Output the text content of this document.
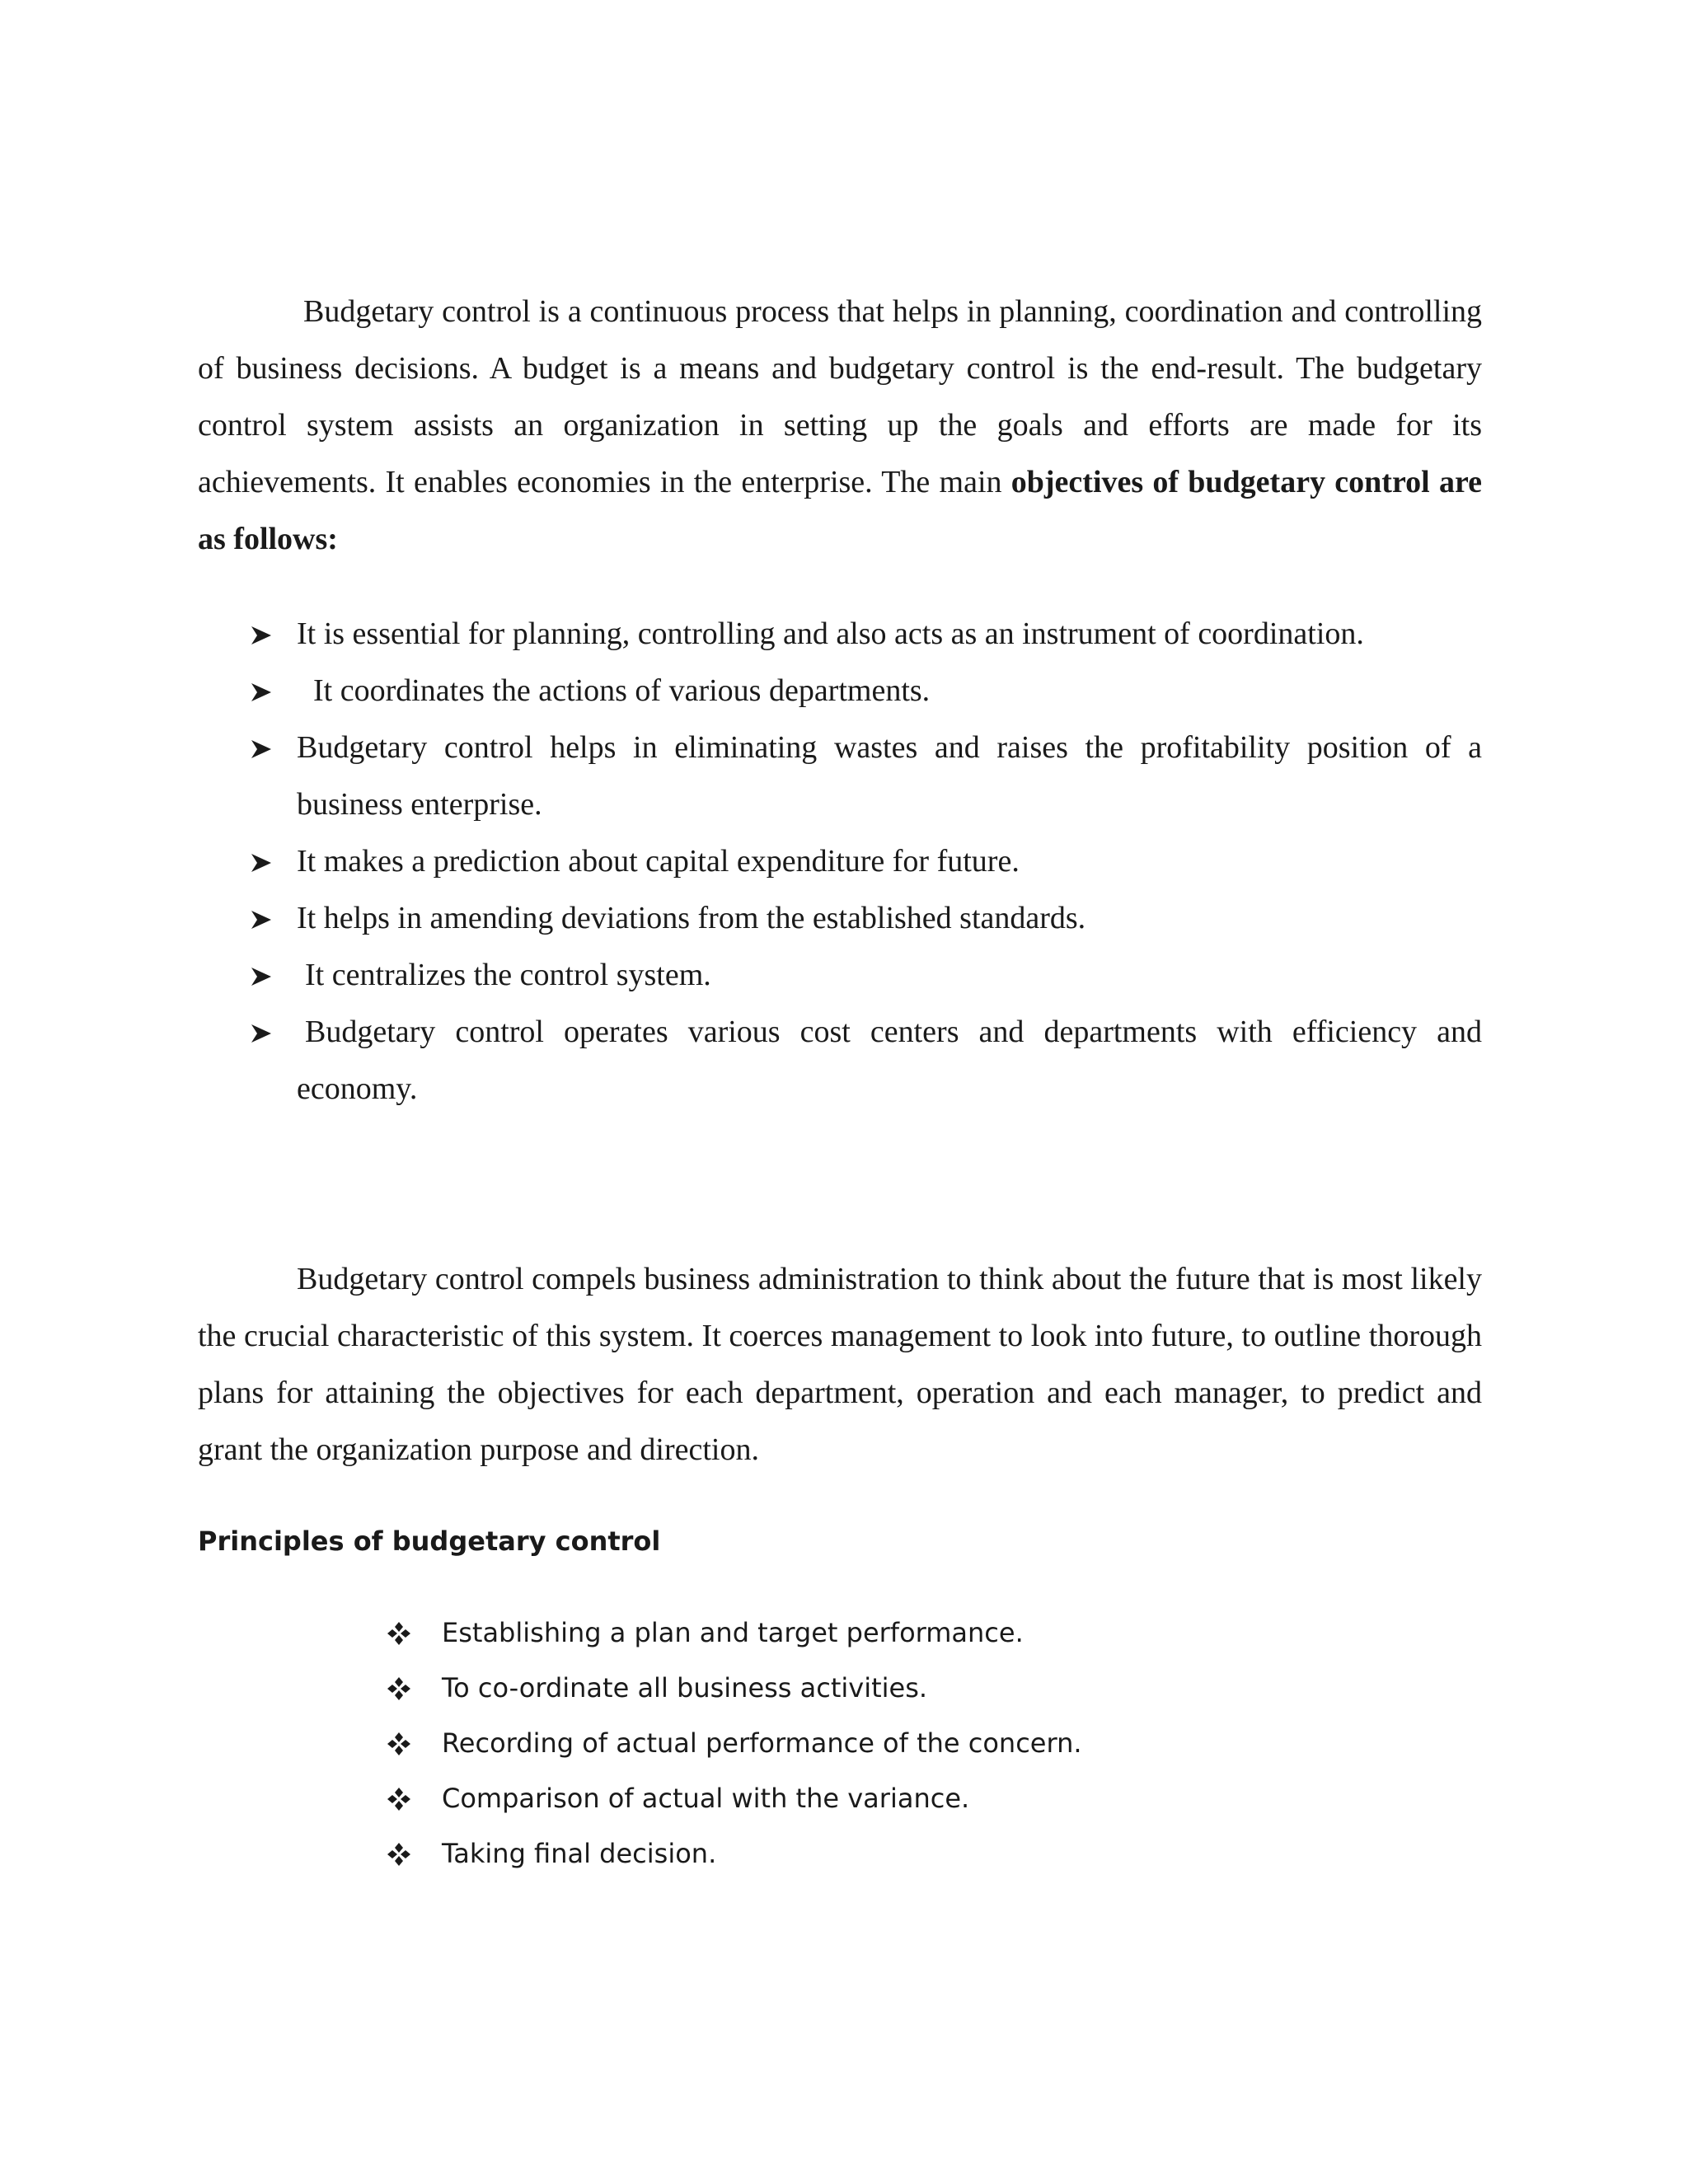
Budgetary control is a continuous process that helps in planning, coordination and controlling of business decisions. A budget is a means and budgetary control is the end-result. The budgetary control system assists an organization in setting up the goals and efforts are made for its achievements. It enables economies in the enterprise. The main objectives of budgetary control are as follows:

It is essential for planning, controlling and also acts as an instrument of coordination.
It coordinates the actions of various departments.
Budgetary control helps in eliminating wastes and raises the profitability position of a business enterprise.
It makes a prediction about capital expenditure for future.
It helps in amending deviations from the established standards.
It centralizes the control system.
Budgetary control operates various cost centers and departments with efficiency and economy.

Budgetary control compels business administration to think about the future that is most likely the crucial characteristic of this system. It coerces management to look into future, to outline thorough plans for attaining the objectives for each department, operation and each manager, to predict and grant the organization purpose and direction.

Principles of budgetary control
Establishing a plan and target performance.
To co-ordinate all business activities.
Recording of actual performance of the concern.
Comparison of actual with the variance.
Taking final decision.
